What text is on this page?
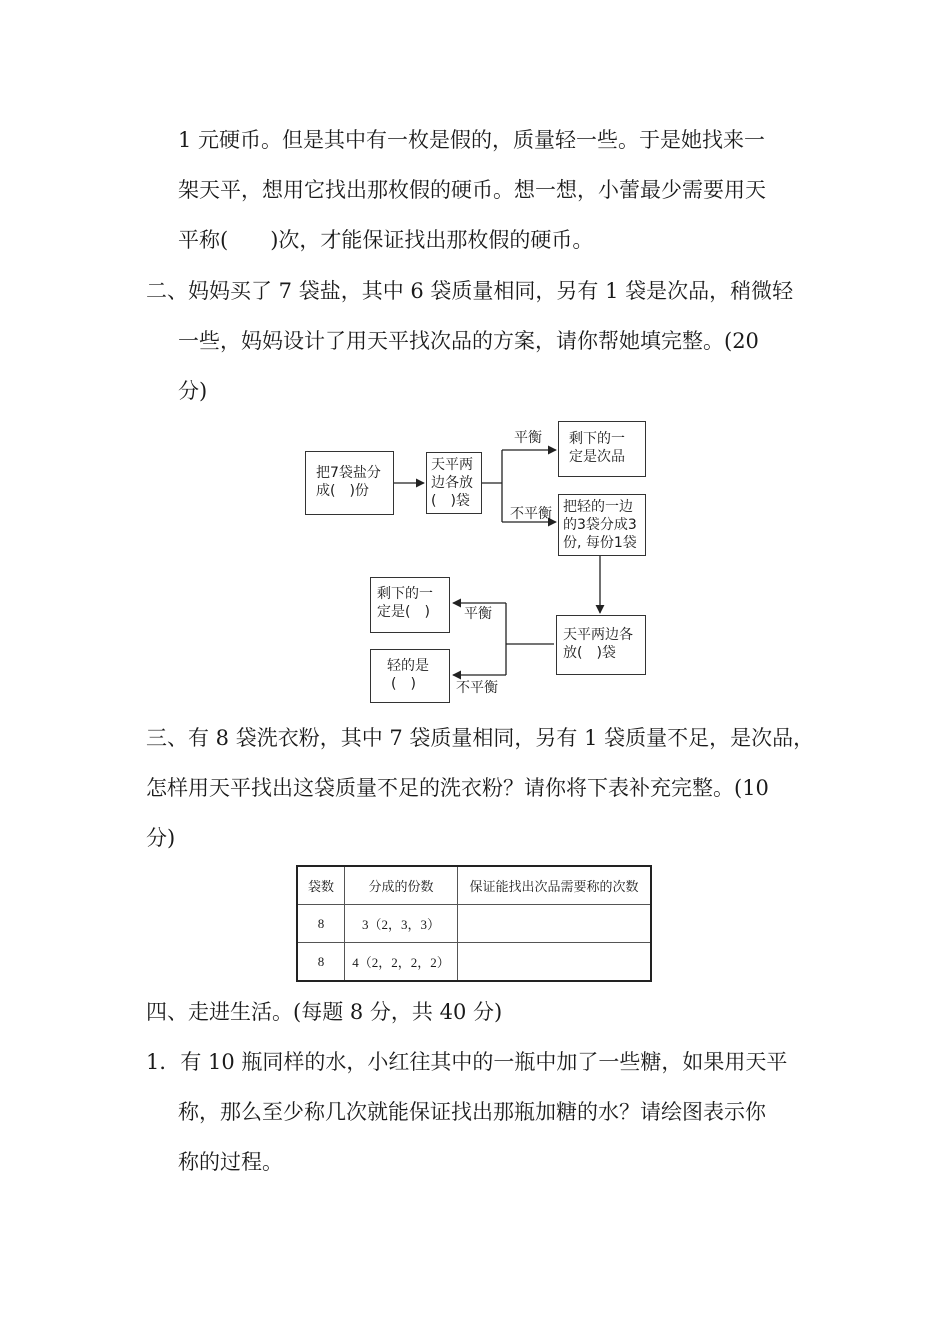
1 元硬币。但是其中有一枚是假的，质量轻一些。于是她找来一
架天平，想用它找出那枚假的硬币。想一想，小蕾最少需要用天
平称(　　)次，才能保证找出那枚假的硬币。
二、妈妈买了 7 袋盐，其中 6 袋质量相同，另有 1 袋是次品，稍微轻
一些，妈妈设计了用天平找次品的方案，请你帮她填完整。(20
分)
把7袋盐分
成(　)份
天平两
边各放
(　)袋
平衡
不平衡
剩下的一
定是次品
把轻的一边
的3袋分成3
份, 每份1袋
天平两边各
放(　)袋
平衡
不平衡
剩下的一
定是(　)
轻的是
(　)
三、有 8 袋洗衣粉，其中 7 袋质量相同，另有 1 袋质量不足，是次品，
怎样用天平找出这袋质量不足的洗衣粉？请你将下表补充完整。(10
分)
袋数	分成的份数	保证能找出次品需要称的次数
8	3（2，3，3）	
8	4（2，2，2，2）	
四、走进生活。(每题 8 分，共 40 分)
1．有 10 瓶同样的水，小红往其中的一瓶中加了一些糖，如果用天平
称，那么至少称几次就能保证找出那瓶加糖的水？请绘图表示你
称的过程。
